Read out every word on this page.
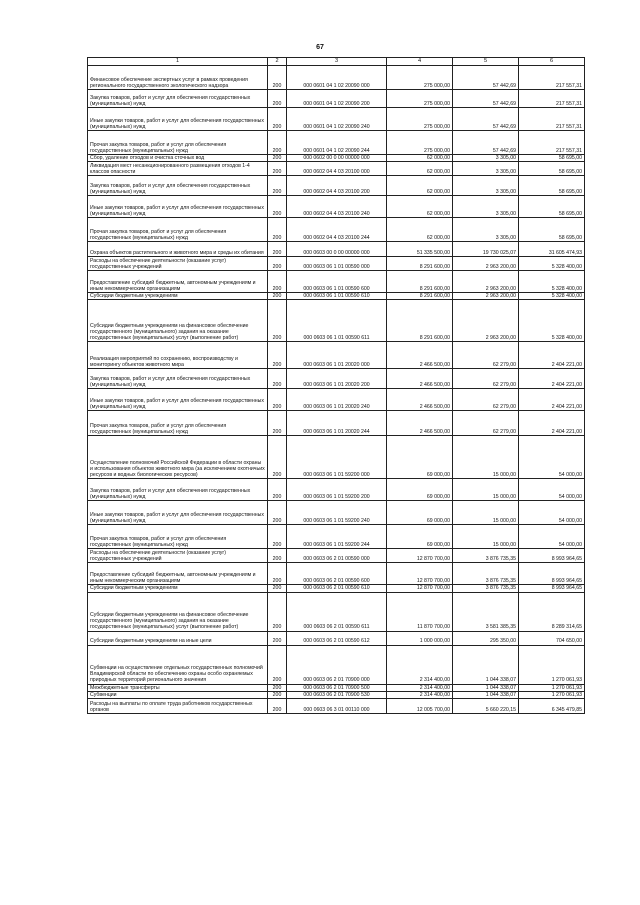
67
1	2	3	4	5	6
Финансовое обеспечение экспертных услуг в рамках проведения регионального государственного экологического надзора	200	000 0601 04 1 02 20090 000	275 000,00	57 442,69	217 557,31
Закупка товаров, работ и услуг для обеспечения государственных (муниципальных) нужд	200	000 0601 04 1 02 20090 200	275 000,00	57 442,69	217 557,31
Иные закупки товаров, работ и услуг для обеспечения государственных (муниципальных) нужд	200	000 0601 04 1 02 20090 240	275 000,00	57 442,69	217 557,31
Прочая закупка товаров, работ и услуг для обеспечения государственных (муниципальных) нужд	200	000 0601 04 1 02 20090 244	275 000,00	57 442,69	217 557,31
Сбор, удаление отходов и очистка сточных вод	200	000 0602 00 0 00 00000 000	62 000,00	3 305,00	58 695,00
Ликвидация мест несанкционированного размещения отходов 1-4 классов опасности	200	000 0602 04 4 03 20100 000	62 000,00	3 305,00	58 695,00
Закупка товаров, работ и услуг для обеспечения государственных (муниципальных) нужд	200	000 0602 04 4 03 20100 200	62 000,00	3 305,00	58 695,00
Иные закупки товаров, работ и услуг для обеспечения государственных (муниципальных) нужд	200	000 0602 04 4 03 20100 240	62 000,00	3 305,00	58 695,00
Прочая закупка товаров, работ и услуг для обеспечения государственных (муниципальных) нужд	200	000 0602 04 4 03 20100 244	62 000,00	3 305,00	58 695,00
Охрана объектов растительного и животного мира и среды их обитания	200	000 0603 00 0 00 00000 000	51 335 500,00	19 730 025,07	31 605 474,93
Расходы на обеспечение деятельности (оказание услуг) государственных учреждений	200	000 0603 06 1 01 00590 000	8 291 600,00	2 963 200,00	5 328 400,00
Предоставление субсидий бюджетным, автономным учреждениям и иным некоммерческим организациям	200	000 0603 06 1 01 00590 600	8 291 600,00	2 963 200,00	5 328 400,00
Субсидии бюджетным учреждениям	200	000 0603 06 1 01 00590 610	8 291 600,00	2 963 200,00	5 328 400,00
Субсидии бюджетным учреждениям на финансовое обеспечение государственного (муниципального) задания на оказание государственных (муниципальных) услуг (выполнение работ)	200	000 0603 06 1 01 00590 611	8 291 600,00	2 963 200,00	5 328 400,00
Реализация мероприятий по сохранению, воспроизводству и мониторингу объектов животного мира	200	000 0603 06 1 01 20020 000	2 466 500,00	62 279,00	2 404 221,00
Закупка товаров, работ и услуг для обеспечения государственных (муниципальных) нужд	200	000 0603 06 1 01 20020 200	2 466 500,00	62 279,00	2 404 221,00
Иные закупки товаров, работ и услуг для обеспечения государственных (муниципальных) нужд	200	000 0603 06 1 01 20020 240	2 466 500,00	62 279,00	2 404 221,00
Прочая закупка товаров, работ и услуг для обеспечения государственных (муниципальных) нужд	200	000 0603 06 1 01 20020 244	2 466 500,00	62 279,00	2 404 221,00
Осуществление полномочий Российской Федерации в области охраны и использования объектов животного мира (за исключением охотничьих ресурсов и водных биологических ресурсов)	200	000 0603 06 1 01 59200 000	69 000,00	15 000,00	54 000,00
Закупка товаров, работ и услуг для обеспечения государственных (муниципальных) нужд	200	000 0603 06 1 01 59200 200	69 000,00	15 000,00	54 000,00
Иные закупки товаров, работ и услуг для обеспечения государственных (муниципальных) нужд	200	000 0603 06 1 01 59200 240	69 000,00	15 000,00	54 000,00
Прочая закупка товаров, работ и услуг для обеспечения государственных (муниципальных) нужд	200	000 0603 06 1 01 59200 244	69 000,00	15 000,00	54 000,00
Расходы на обеспечение деятельности (оказание услуг) государственных учреждений	200	000 0603 06 2 01 00590 000	12 870 700,00	3 876 735,35	8 993 964,65
Предоставление субсидий бюджетным, автономным учреждениям и иным некоммерческим организациям	200	000 0603 06 2 01 00590 600	12 870 700,00	3 876 735,35	8 993 964,65
Субсидии бюджетным учреждениям	200	000 0603 06 2 01 00590 610	12 870 700,00	3 876 735,35	8 993 964,65
Субсидии бюджетным учреждениям на финансовое обеспечение государственного (муниципального) задания на оказание государственных (муниципальных) услуг (выполнение работ)	200	000 0603 06 2 01 00590 611	11 870 700,00	3 581 385,35	8 289 314,65
Субсидии бюджетным учреждениям на иные цели	200	000 0603 06 2 01 00590 612	1 000 000,00	295 350,00	704 650,00
Субвенции на осуществление отдельных государственных полномочий Владимирской области по обеспечению охраны особо охраняемых природных территорий регионального значения	200	000 0603 06 2 01 70900 000	2 314 400,00	1 044 338,07	1 270 061,93
Межбюджетные трансферты	200	000 0603 06 2 01 70900 500	2 314 400,00	1 044 338,07	1 270 061,93
Субвенции	200	000 0603 06 2 01 70900 530	2 314 400,00	1 044 338,07	1 270 061,93
Расходы на выплаты по оплате труда работников государственных органов	200	000 0603 06 3 01 00110 000	12 005 700,00	5 660 220,15	6 345 479,85
